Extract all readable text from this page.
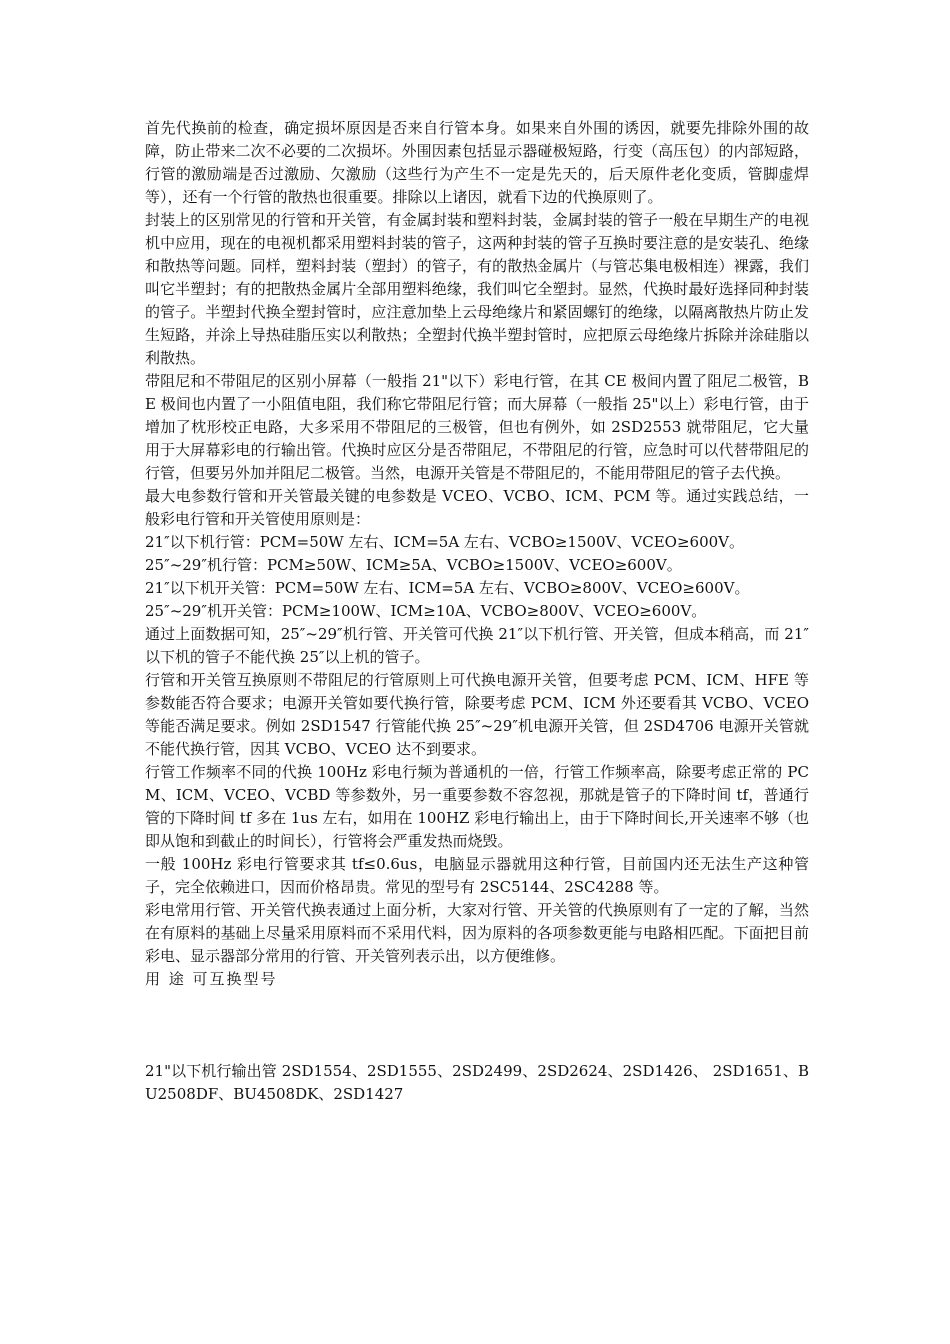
首先代换前的检查，确定损坏原因是否来自行管本身。如果来自外围的诱因，就要先排除外围的故障，防止带来二次不必要的二次损坏。外围因素包括显示器碰极短路，行变（高压包）的内部短路，行管的激励端是否过激励、欠激励（这些行为产生不一定是先天的，后天原件老化变质，管脚虚焊等），还有一个行管的散热也很重要。排除以上诸因，就看下边的代换原则了。

封装上的区别常见的行管和开关管，有金属封装和塑料封装，金属封装的管子一般在早期生产的电视机中应用，现在的电视机都采用塑料封装的管子，这两种封装的管子互换时要注意的是安装孔、绝缘和散热等问题。同样，塑料封装（塑封）的管子，有的散热金属片（与管芯集电极相连）裸露，我们叫它半塑封；有的把散热金属片全部用塑料绝缘，我们叫它全塑封。显然，代换时最好选择同种封装的管子。半塑封代换全塑封管时，应注意加垫上云母绝缘片和紧固螺钉的绝缘，以隔离散热片防止发生短路，并涂上导热硅脂压实以利散热；全塑封代换半塑封管时，应把原云母绝缘片拆除并涂硅脂以利散热。

带阻尼和不带阻尼的区别小屏幕（一般指 21"以下）彩电行管，在其 CE 极间内置了阻尼二极管，BE 极间也内置了一小阻值电阻，我们称它带阻尼行管；而大屏幕（一般指 25"以上）彩电行管，由于增加了枕形校正电路，大多采用不带阻尼的三极管，但也有例外，如 2SD2553 就带阻尼，它大量用于大屏幕彩电的行输出管。代换时应区分是否带阻尼，不带阻尼的行管，应急时可以代替带阻尼的行管，但要另外加并阻尼二极管。当然，电源开关管是不带阻尼的，不能用带阻尼的管子去代换。

最大电参数行管和开关管最关键的电参数是 VCEO、VCBO、ICM、PCM 等。通过实践总结，一般彩电行管和开关管使用原则是：

21″以下机行管：PCM=50W 左右、ICM=5A 左右、VCBO≥1500V、VCEO≥600V。

25″~29″机行管：PCM≥50W、ICM≥5A、VCBO≥1500V、VCEO≥600V。

21″以下机开关管：PCM=50W 左右、ICM=5A 左右、VCBO≥800V、VCEO≥600V。

25″~29″机开关管：PCM≥100W、ICM≥10A、VCBO≥800V、VCEO≥600V。

通过上面数据可知，25″~29″机行管、开关管可代换 21″以下机行管、开关管，但成本稍高，而 21″以下机的管子不能代换 25″以上机的管子。

行管和开关管互换原则不带阻尼的行管原则上可代换电源开关管，但要考虑 PCM、ICM、HFE 等参数能否符合要求；电源开关管如要代换行管，除要考虑 PCM、ICM 外还要看其 VCBO、VCEO 等能否满足要求。例如 2SD1547 行管能代换 25″~29″机电源开关管，但 2SD4706 电源开关管就不能代换行管，因其 VCBO、VCEO 达不到要求。

行管工作频率不同的代换 100Hz 彩电行频为普通机的一倍，行管工作频率高，除要考虑正常的 PCM、ICM、VCEO、VCBD 等参数外，另一重要参数不容忽视，那就是管子的下降时间 tf，普通行管的下降时间 tf 多在 1us 左右，如用在 100HZ 彩电行输出上，由于下降时间长,开关速率不够（也即从饱和到截止的时间长），行管将会严重发热而烧毁。

一般 100Hz 彩电行管要求其 tf≤0.6us，电脑显示器就用这种行管，目前国内还无法生产这种管子，完全依赖进口，因而价格昂贵。常见的型号有 2SC5144、2SC4288 等。

彩电常用行管、开关管代换表通过上面分析，大家对行管、开关管的代换原则有了一定的了解，当然在有原料的基础上尽量采用原料而不采用代料，因为原料的各项参数更能与电路相匹配。下面把目前彩电、显示器部分常用的行管、开关管列表示出，以方便维修。

用 途 可互换型号

21"以下机行输出管 2SD1554、2SD1555、2SD2499、2SD2624、2SD1426、 2SD1651、BU2508DF、BU4508DK、2SD1427
